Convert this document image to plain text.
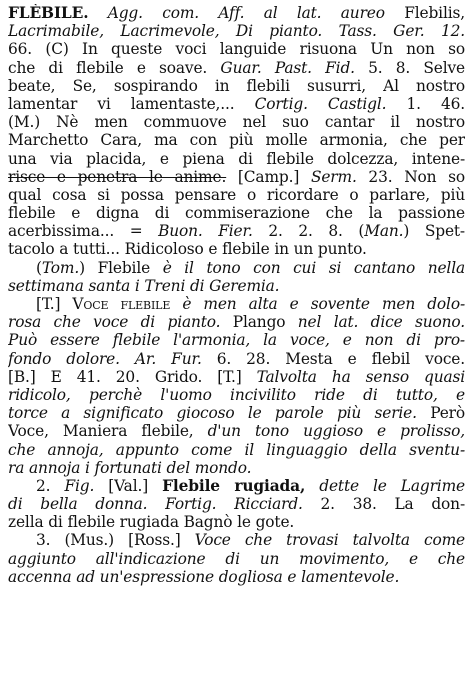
FLÈBILE. Agg. com. Aff. al lat. aureo Flebilis,
Lacrimabile, Lacrimevole, Di pianto. Tass. Ger. 12.
66. (C) In queste voci languide risuona Un non so
che di flebile e soave. Guar. Past. Fid. 5. 8. Selve
beate, Se, sospirando in flebili susurri, Al nostro
lamentar vi lamentaste,... Cortig. Castigl. 1. 46.
(M.) Nè men commuove nel suo cantar il nostro
Marchetto Cara, ma con più molle armonia, che per
una via placida, e piena di flebile dolcezza, intene-
risce e penetra le anime. [Camp.] Serm. 23. Non so
qual cosa si possa pensare o ricordare o parlare, più
flebile e digna di commiserazione che la passione
acerbissima... = Buon. Fier. 2. 2. 8. (Man.) Spet-
tacolo a tutti... Ridicoloso e flebile in un punto.
(Tom.) Flebile è il tono con cui si cantano nella
settimana santa i Treni di Geremia.
[T.] Voce flebile è men alta e sovente men dolo-
rosa che voce di pianto. Plango nel lat. dice suono.
Può essere flebile l'armonia, la voce, e non di pro-
fondo dolore. Ar. Fur. 6. 28. Mesta e flebil voce.
[B.] E 41. 20. Grido. [T.] Talvolta ha senso quasi
ridicolo, perchè l'uomo incivilito ride di tutto, e
torce a significato giocoso le parole più serie. Però
Voce, Maniera flebile, d'un tono uggioso e prolisso,
che annoja, appunto come il linguaggio della sventu-
ra annoja i fortunati del mondo.
2. Fig. [Val.] Flebile rugiada, dette le Lagrime
di bella donna. Fortig. Ricciard. 2. 38. La don-
zella di flebile rugiada Bagnò le gote.
3. (Mus.) [Ross.] Voce che trovasi talvolta come
aggiunto all'indicazione di un movimento, e che
accenna ad un'espressione dogliosa e lamentevole.
